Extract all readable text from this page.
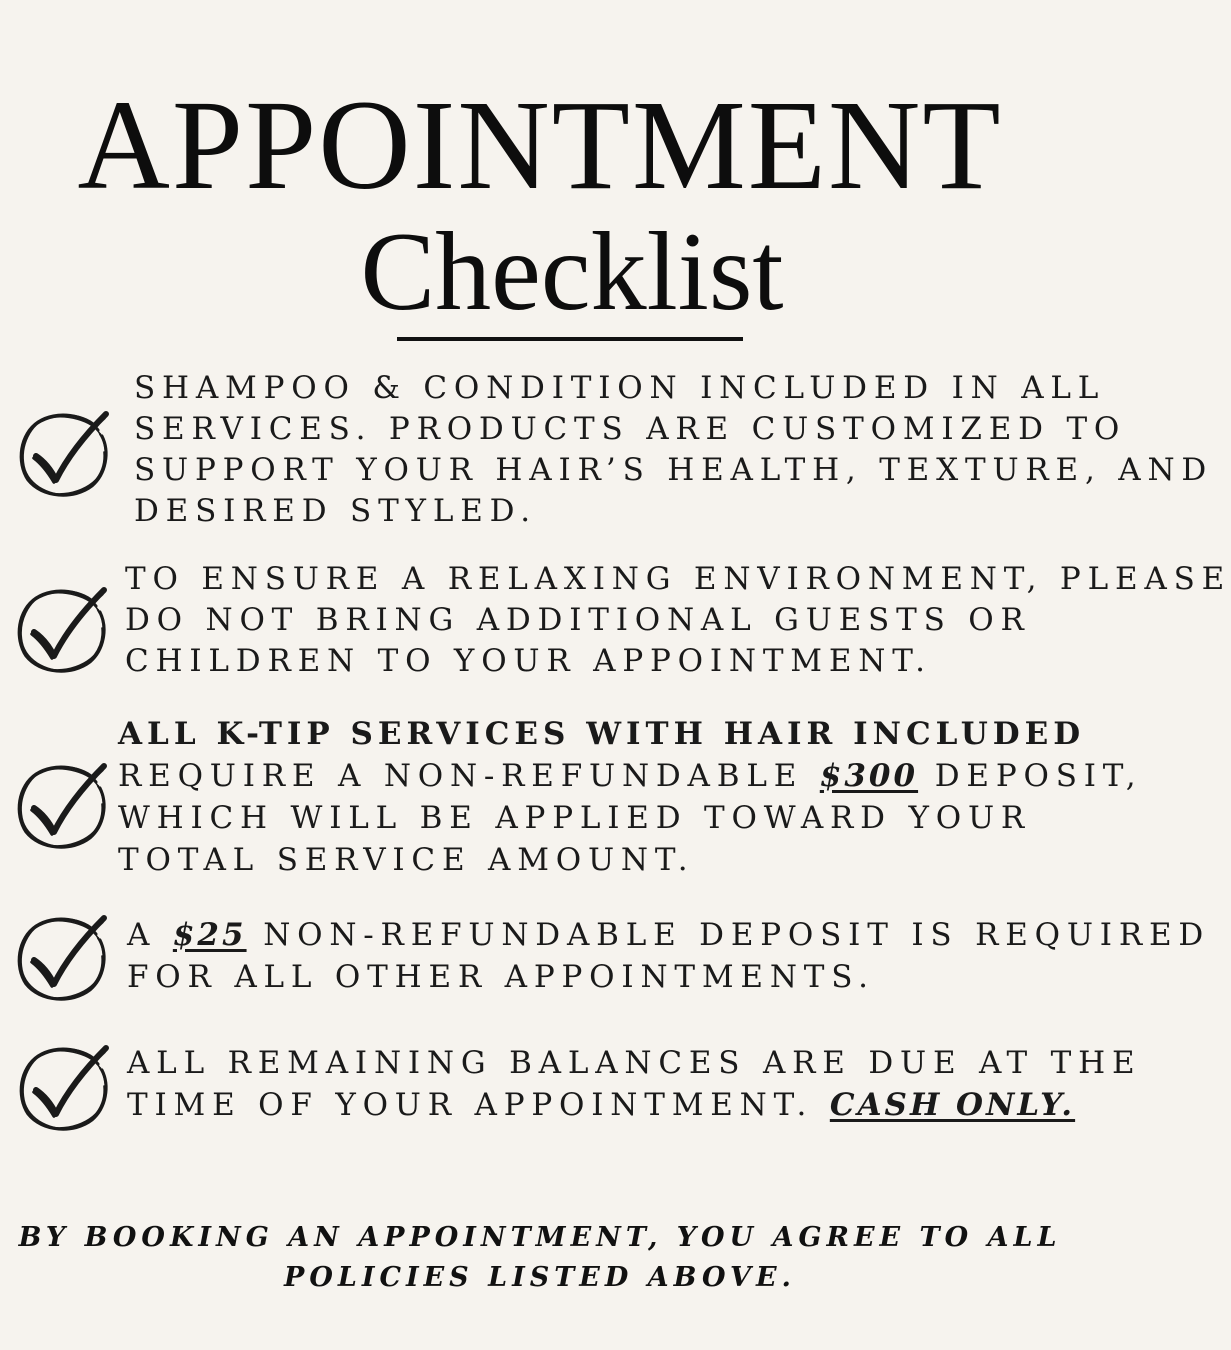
APPOINTMENT
Checklist

SHAMPOO & CONDITION INCLUDED IN ALL
SERVICES. PRODUCTS ARE CUSTOMIZED TO
SUPPORT YOUR HAIR’S HEALTH, TEXTURE, AND
DESIRED STYLED.

TO ENSURE A RELAXING ENVIRONMENT, PLEASE
DO NOT BRING ADDITIONAL GUESTS OR
CHILDREN TO YOUR APPOINTMENT.

ALL K-TIP SERVICES WITH HAIR INCLUDED
REQUIRE A NON-REFUNDABLE $300 DEPOSIT,
WHICH WILL BE APPLIED TOWARD YOUR
TOTAL SERVICE AMOUNT.

A $25 NON-REFUNDABLE DEPOSIT IS REQUIRED
FOR ALL OTHER APPOINTMENTS.

ALL REMAINING BALANCES ARE DUE AT THE
TIME OF YOUR APPOINTMENT. CASH ONLY.

BY BOOKING AN APPOINTMENT, YOU AGREE TO ALL
POLICIES LISTED ABOVE.
